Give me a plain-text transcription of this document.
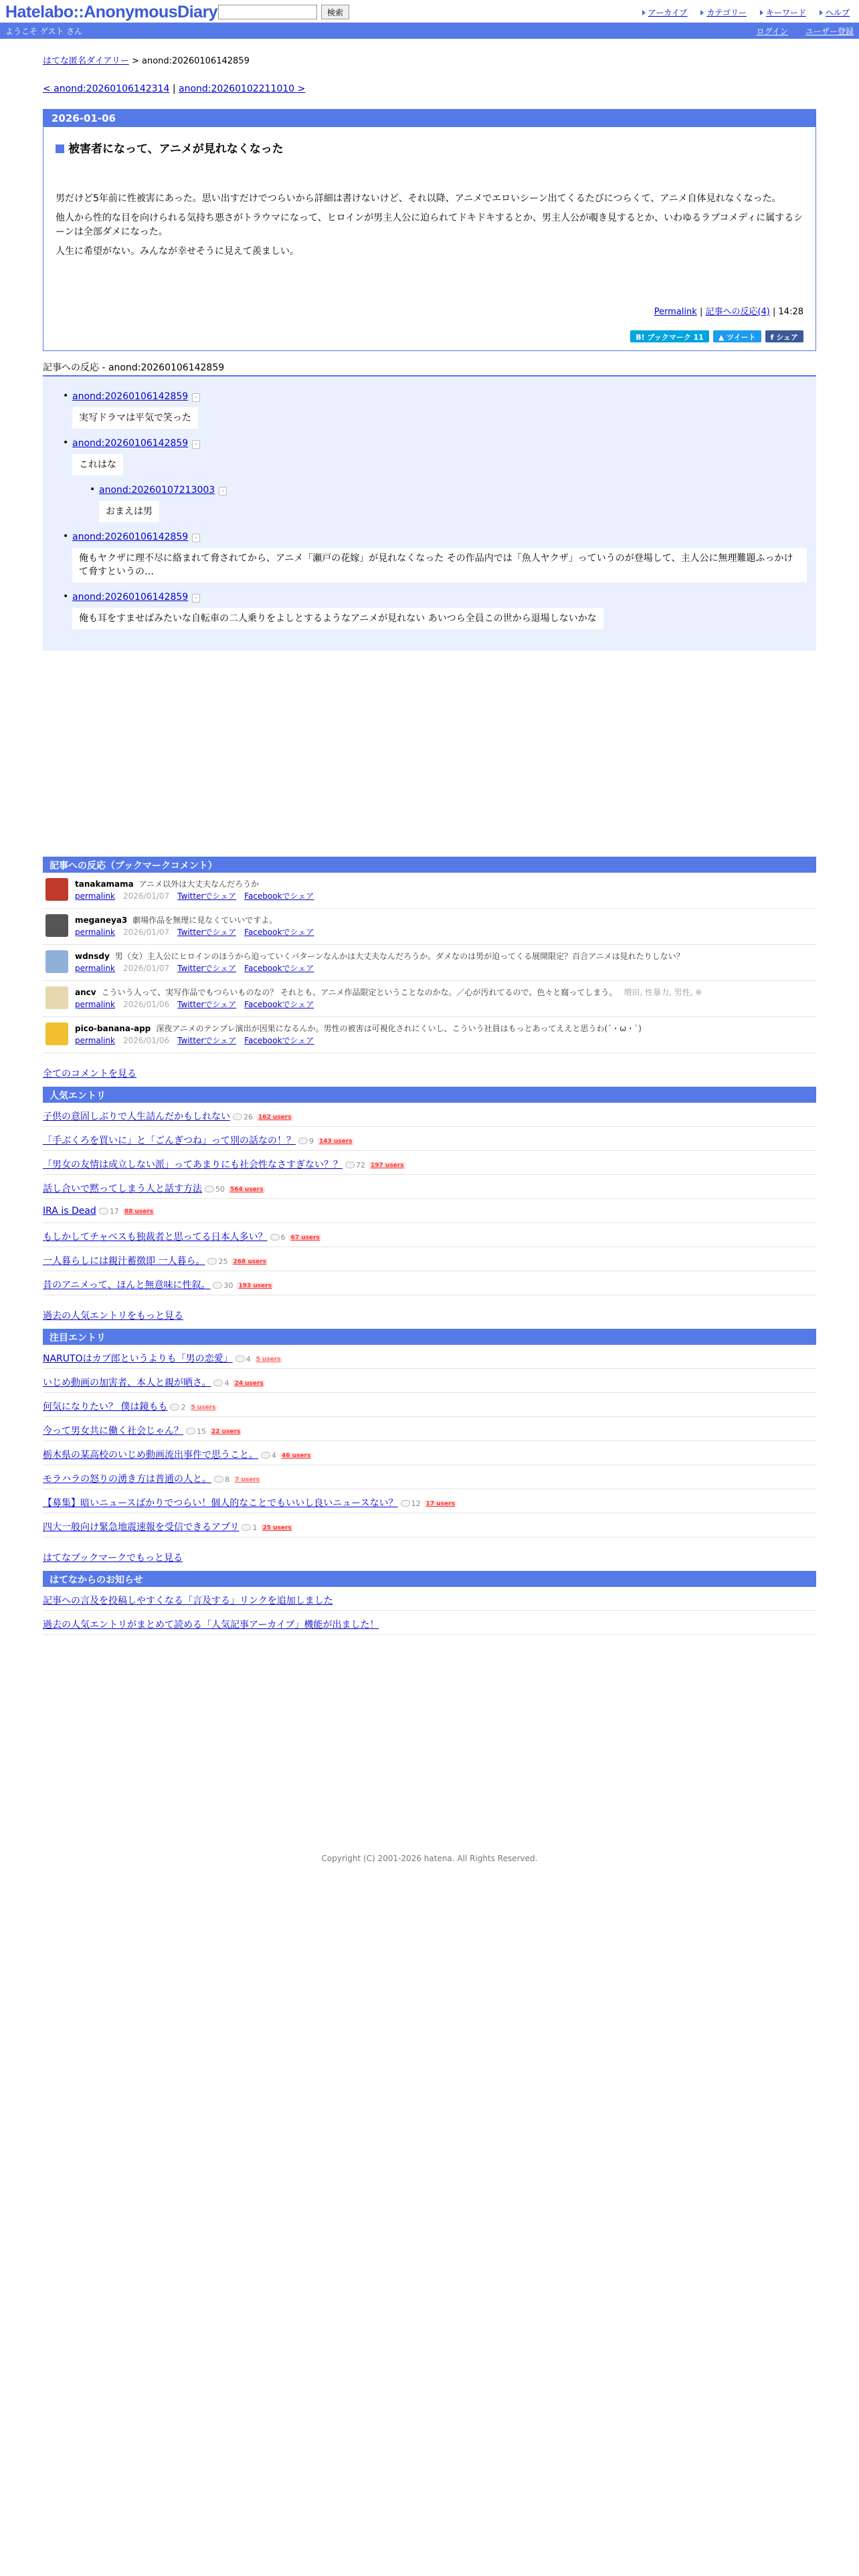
Hatelabo::AnonymousDiary	検索	アーカイブ	カテゴリー	キーワード	ヘルプ
ようこそ ゲスト さん	ログイン ユーザー登録
はてな匿名ダイアリー > anond:20260106142859
< anond:20260106142314 | anond:20260102211010 >
2026-01-06
被害者になって、アニメが見れなくなった

男だけど5年前に性被害にあった。思い出すだけでつらいから詳細は書けないけど、それ以降、アニメでエロいシーン出てくるたびにつらくて、アニメ自体見れなくなった。

他人から性的な目を向けられる気持ち悪さがトラウマになって、ヒロインが男主人公に迫られてドキドキするとか、男主人公が覗き見するとか、いわゆるラブコメディに属するシーンは全部ダメになった。

人生に希望がない。みんなが幸せそうに見えて羨ましい。

Permalink | 記事への反応(4) | 14:28
B! ブックマーク 11	▲ ツイート	f シェア
記事への反応 - anond:20260106142859
• anond:20260106142859 -
実写ドラマは平気で笑った
• anond:20260106142859 -
これはな
• anond:20260107213003 -
おまえは男
• anond:20260106142859 -

俺もヤクザに理不尽に絡まれて脅されてから、アニメ「瀬戸の花嫁」が見れなくなった その作品内では「魚人ヤクザ」っていうのが登場して、主人公に無理難題ふっかけて脅すというの…
• anond:20260106142859 -
俺も耳をすませばみたいな自転車の二人乗りをよしとするようなアニメが見れない あいつら全員この世から退場しないかな
記事への反応（ブックマークコメント）
tanakamama アニメ以外は大丈夫なんだろうか
permalink 2026/01/07 Twitterでシェア Facebookでシェア
meganeya3 劇場作品を無理に見なくていいですよ。
permalink 2026/01/07 Twitterでシェア Facebookでシェア
wdnsdy 男（女）主人公にヒロインのほうから迫っていくパターンなんかは大丈夫なんだろうか。ダメなのは男が迫ってくる展開限定？百合アニメは見れたりしない？
permalink 2026/01/07 Twitterでシェア Facebookでシェア
ancv こういう人って、実写作品でもつらいものなの？ それとも、アニメ作品限定ということなのかな。／心が汚れてるので、色々と腐ってしまう。 増田, 性暴力, 男性, ※
permalink 2026/01/06 Twitterでシェア Facebookでシェア
pico-banana-app 深夜アニメのテンプレ演出が因果になるんか。男性の被害は可視化されにくいし、こういう社員はもっとあってええと思うわ(´・ω・`)
permalink 2026/01/06 Twitterでシェア Facebookでシェア
全てのコメントを見る
人気エントリ
子供の意固しぶりで人生詰んだかもしれない 26 162 users
「手ぶくろを買いに」と「ごんぎつね」って別の話なの！？ 9 143 users
「男女の友情は成立しない派」ってあまりにも社会性なさすぎない？？ 72 197 users
話し合いで黙ってしまう人と話す方法 50 564 users
IRA is Dead 17 88 users
もしかしてチャベスも独裁者と思ってる日本人多い？ 6 67 users
一人暮らしには親汁蓄徴即 一人暮ら。 25 268 users
昔のアニメって、ほんと無意味に性叙。 30 193 users
過去の人気エントリをもっと見る
注目エントリ
NARUTOはカブ郎というよりも「男の恋愛」 4 5 users
いじめ動画の加害者、本人と親が晒さ。 4 24 users
何気になりたい？ 僕は鏡もも 2 5 users
今って男女共に働く社会じゃん？ 15 22 users
栃木県の某高校のいじめ動画流出事件で思うこと。 4 46 users
モラハラの怒りの湧き方は普通の人と。 8 7 users
【募集】暗いニュースばかりでつらい！個人的なことでもいいし良いニュースない？ 12 17 users
四大一般向け緊急地震速報を受信できるアプリ 1 25 users
はてなブックマークでもっと見る
はてなからのお知らせ
記事への言及を投稿しやすくなる「言及する」リンクを追加しました
過去の人気エントリがまとめて読める「人気記事アーカイブ」機能が出ました！
Copyright (C) 2001-2026 hatena. All Rights Reserved.
